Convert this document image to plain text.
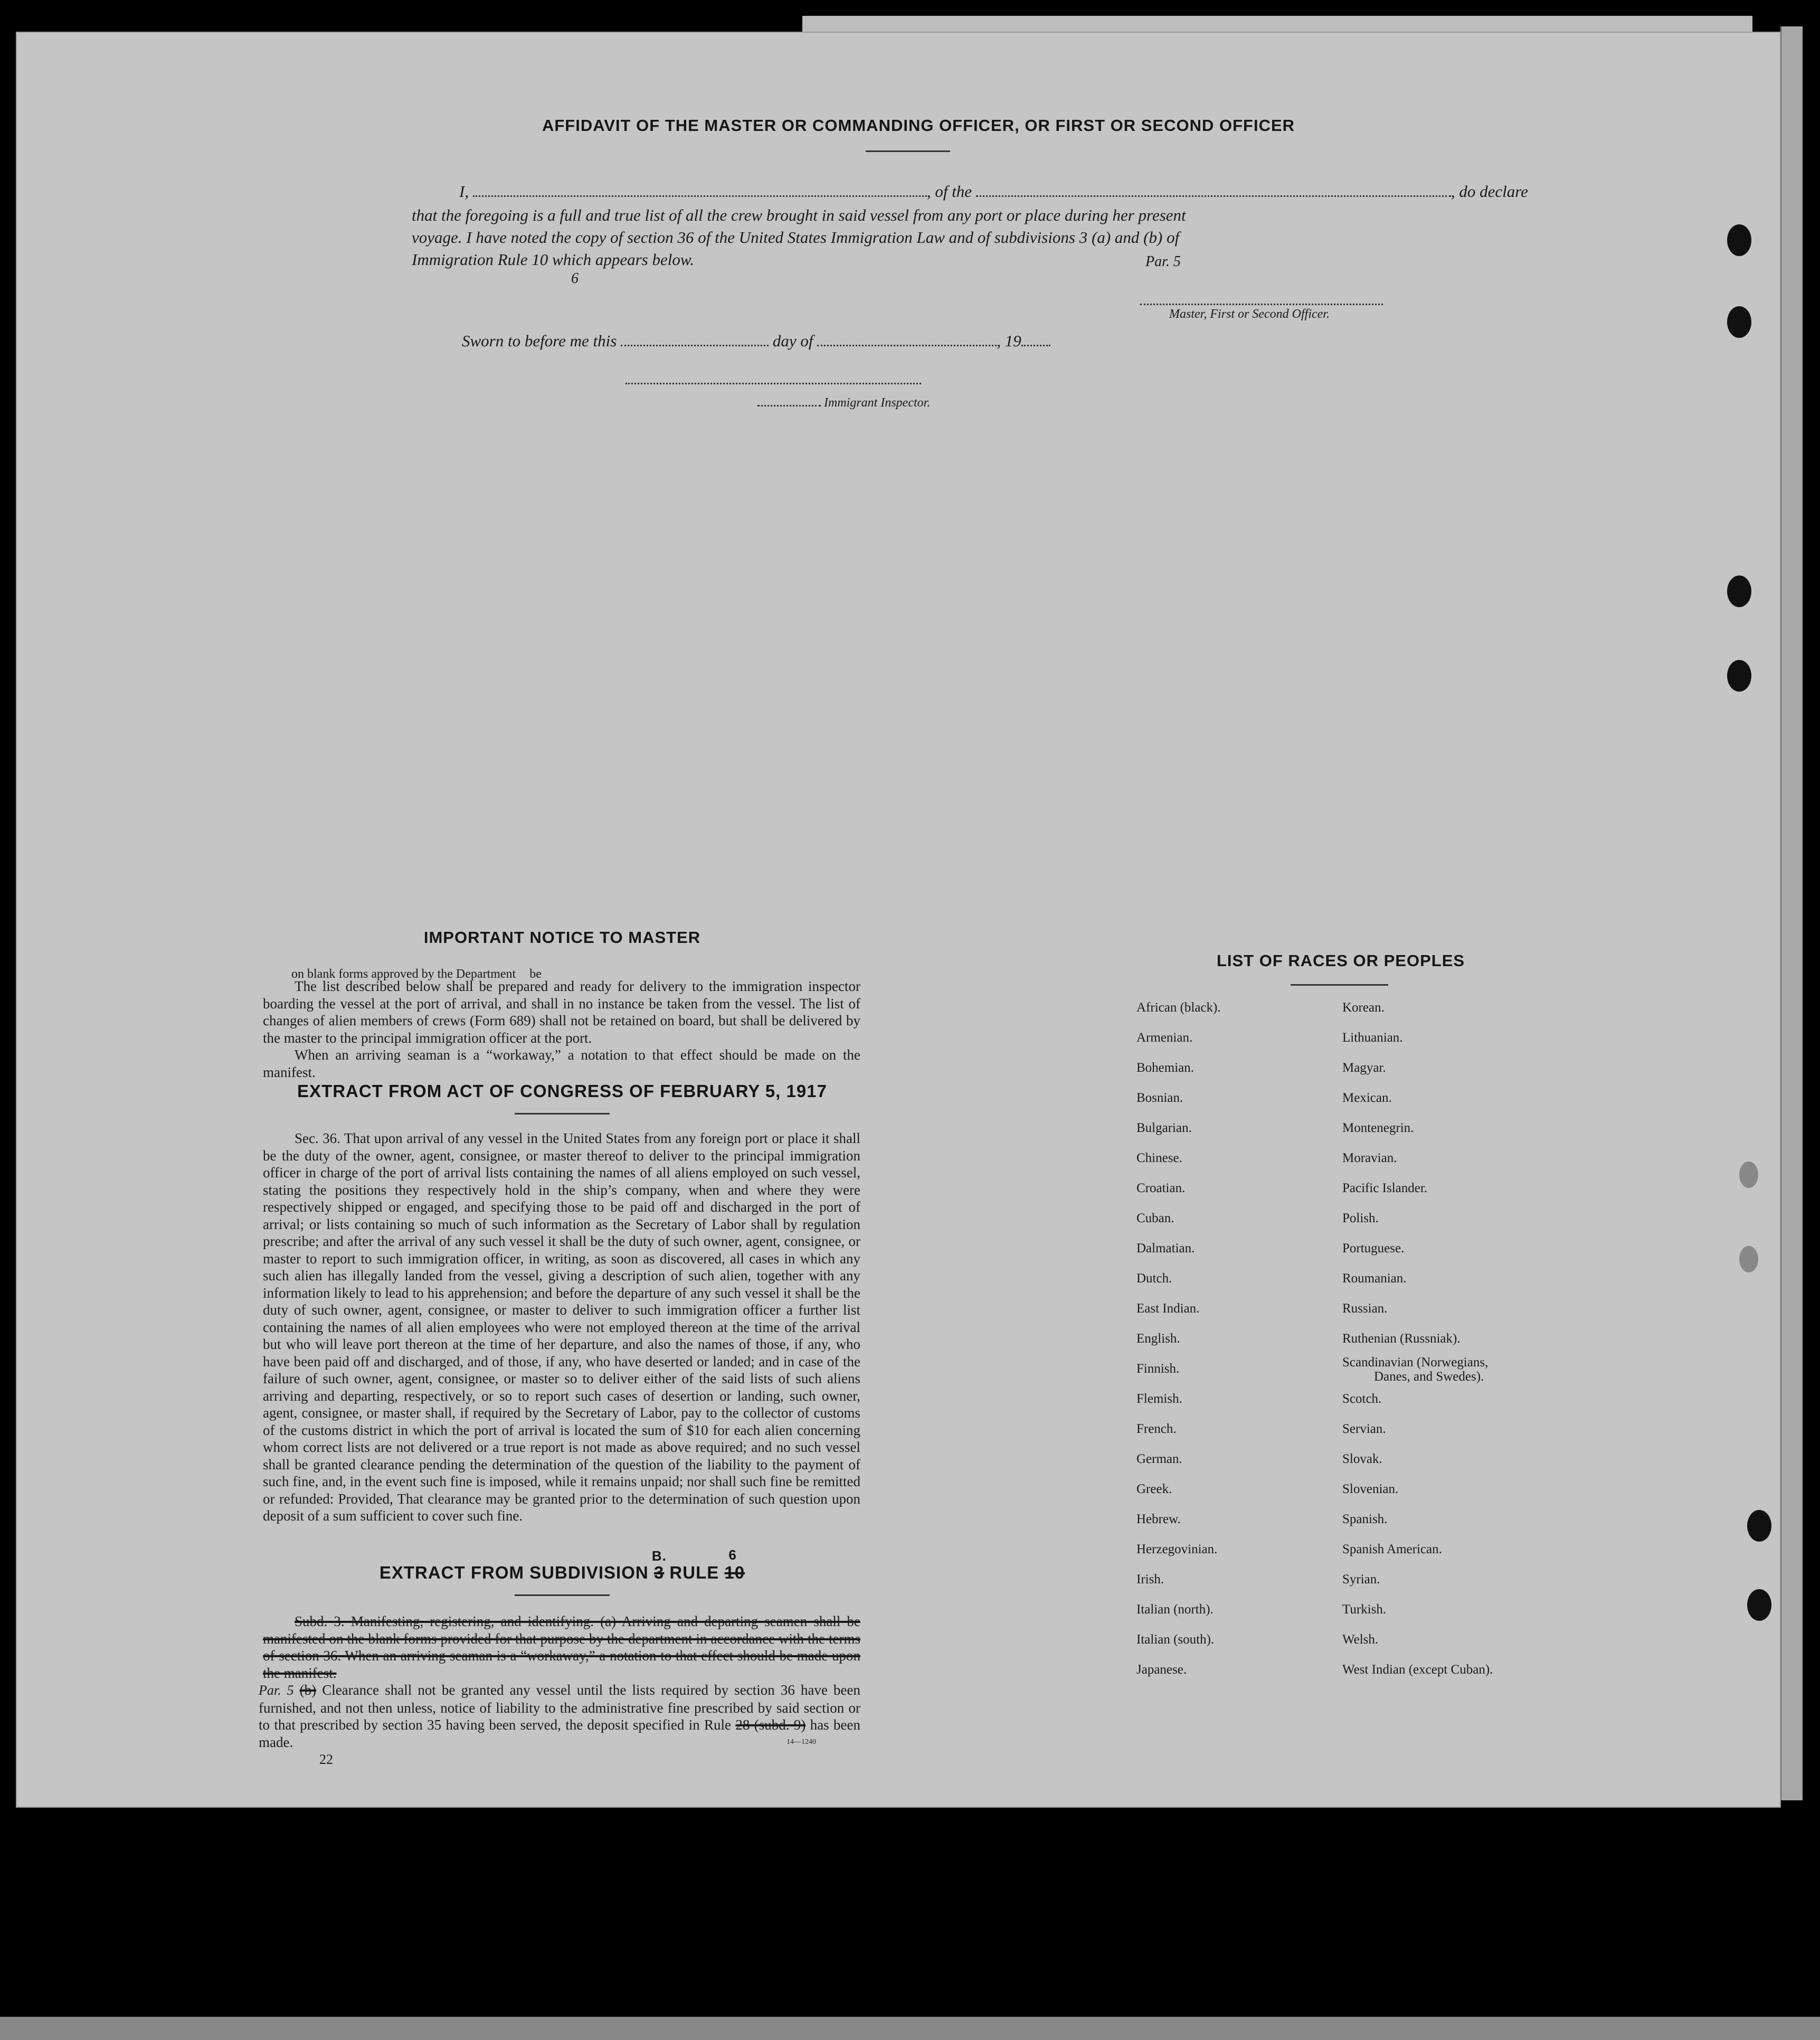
AFFIDAVIT OF THE MASTER OR COMMANDING OFFICER, OR FIRST OR SECOND OFFICER
I,	, of the	, do declare
that the foregoing is a full and true list of all the crew brought in said vessel from any port or place during her present
voyage. I have noted the copy of section 36 of the United States Immigration Law and of subdivisions 3 (a) and (b) of
Immigration Rule 10 which appears below.
6
Par. 5
Master, First or Second Officer.
Sworn to before me this	day of	, 19
Immigrant Inspector.
IMPORTANT NOTICE TO MASTER
on blank forms approved by the Department be
The list described below shall be prepared and ready for delivery to the immigration inspector boarding the vessel at the port of arrival, and shall in no instance be taken from the vessel. The list of changes of alien members of crews (Form 689) shall not be retained on board, but shall be delivered by the master to the principal immigration officer at the port.
When an arriving seaman is a “workaway,” a notation to that effect should be made on the manifest.
EXTRACT FROM ACT OF CONGRESS OF FEBRUARY 5, 1917
Sec. 36. That upon arrival of any vessel in the United States from any foreign port or place it shall be the duty of the owner, agent, consignee, or master thereof to deliver to the principal immigration officer in charge of the port of arrival lists containing the names of all aliens employed on such vessel, stating the positions they respectively hold in the ship’s company, when and where they were respectively shipped or engaged, and specifying those to be paid off and discharged in the port of arrival; or lists containing so much of such information as the Secretary of Labor shall by regulation prescribe; and after the arrival of any such vessel it shall be the duty of such owner, agent, consignee, or master to report to such immigration officer, in writing, as soon as discovered, all cases in which any such alien has illegally landed from the vessel, giving a description of such alien, together with any information likely to lead to his apprehension; and before the departure of any such vessel it shall be the duty of such owner, agent, consignee, or master to deliver to such immigration officer a further list containing the names of all alien employees who were not employed thereon at the time of the arrival but who will leave port thereon at the time of her departure, and also the names of those, if any, who have been paid off and discharged, and of those, if any, who have deserted or landed; and in case of the failure of such owner, agent, consignee, or master so to deliver either of the said lists of such aliens arriving and departing, respectively, or so to report such cases of desertion or landing, such owner, agent, consignee, or master shall, if required by the Secretary of Labor, pay to the collector of customs of the customs district in which the port of arrival is located the sum of $10 for each alien concerning whom correct lists are not delivered or a true report is not made as above required; and no such vessel shall be granted clearance pending the determination of the question of the liability to the payment of such fine, and, in the event such fine is imposed, while it remains unpaid; nor shall such fine be remitted or refunded: Provided, That clearance may be granted prior to the determination of such question upon deposit of a sum sufficient to cover such fine.
EXTRACT FROM SUBDIVISION 3
B.
RULE 10
6
Subd. 3. Manifesting, registering, and identifying. (a) Arriving and departing seamen shall be manifested on the blank forms provided for that purpose by the department in accordance with the terms of section 36. When an arriving seaman is a “workaway,” a notation to that effect should be made upon the manifest.
Par. 5 (b) Clearance shall not be granted any vessel until the lists required by section 36 have been furnished, and not then unless, notice of liability to the administrative fine prescribed by said section or to that prescribed by section 35 having been served, the deposit specified in Rule 28 (subd. 9) has been made.
22
14—1240
LIST OF RACES OR PEOPLES
African (black).
Armenian.
Bohemian.
Bosnian.
Bulgarian.
Chinese.
Croatian.
Cuban.
Dalmatian.
Dutch.
East Indian.
English.
Finnish.
Flemish.
French.
German.
Greek.
Hebrew.
Herzegovinian.
Irish.
Italian (north).
Italian (south).
Japanese.
Korean.
Lithuanian.
Magyar.
Mexican.
Montenegrin.
Moravian.
Pacific Islander.
Polish.
Portuguese.
Roumanian.
Russian.
Ruthenian (Russniak).
Scandinavian (Norwegians,
Danes, and Swedes).
Scotch.
Servian.
Slovak.
Slovenian.
Spanish.
Spanish American.
Syrian.
Turkish.
Welsh.
West Indian (except Cuban).
